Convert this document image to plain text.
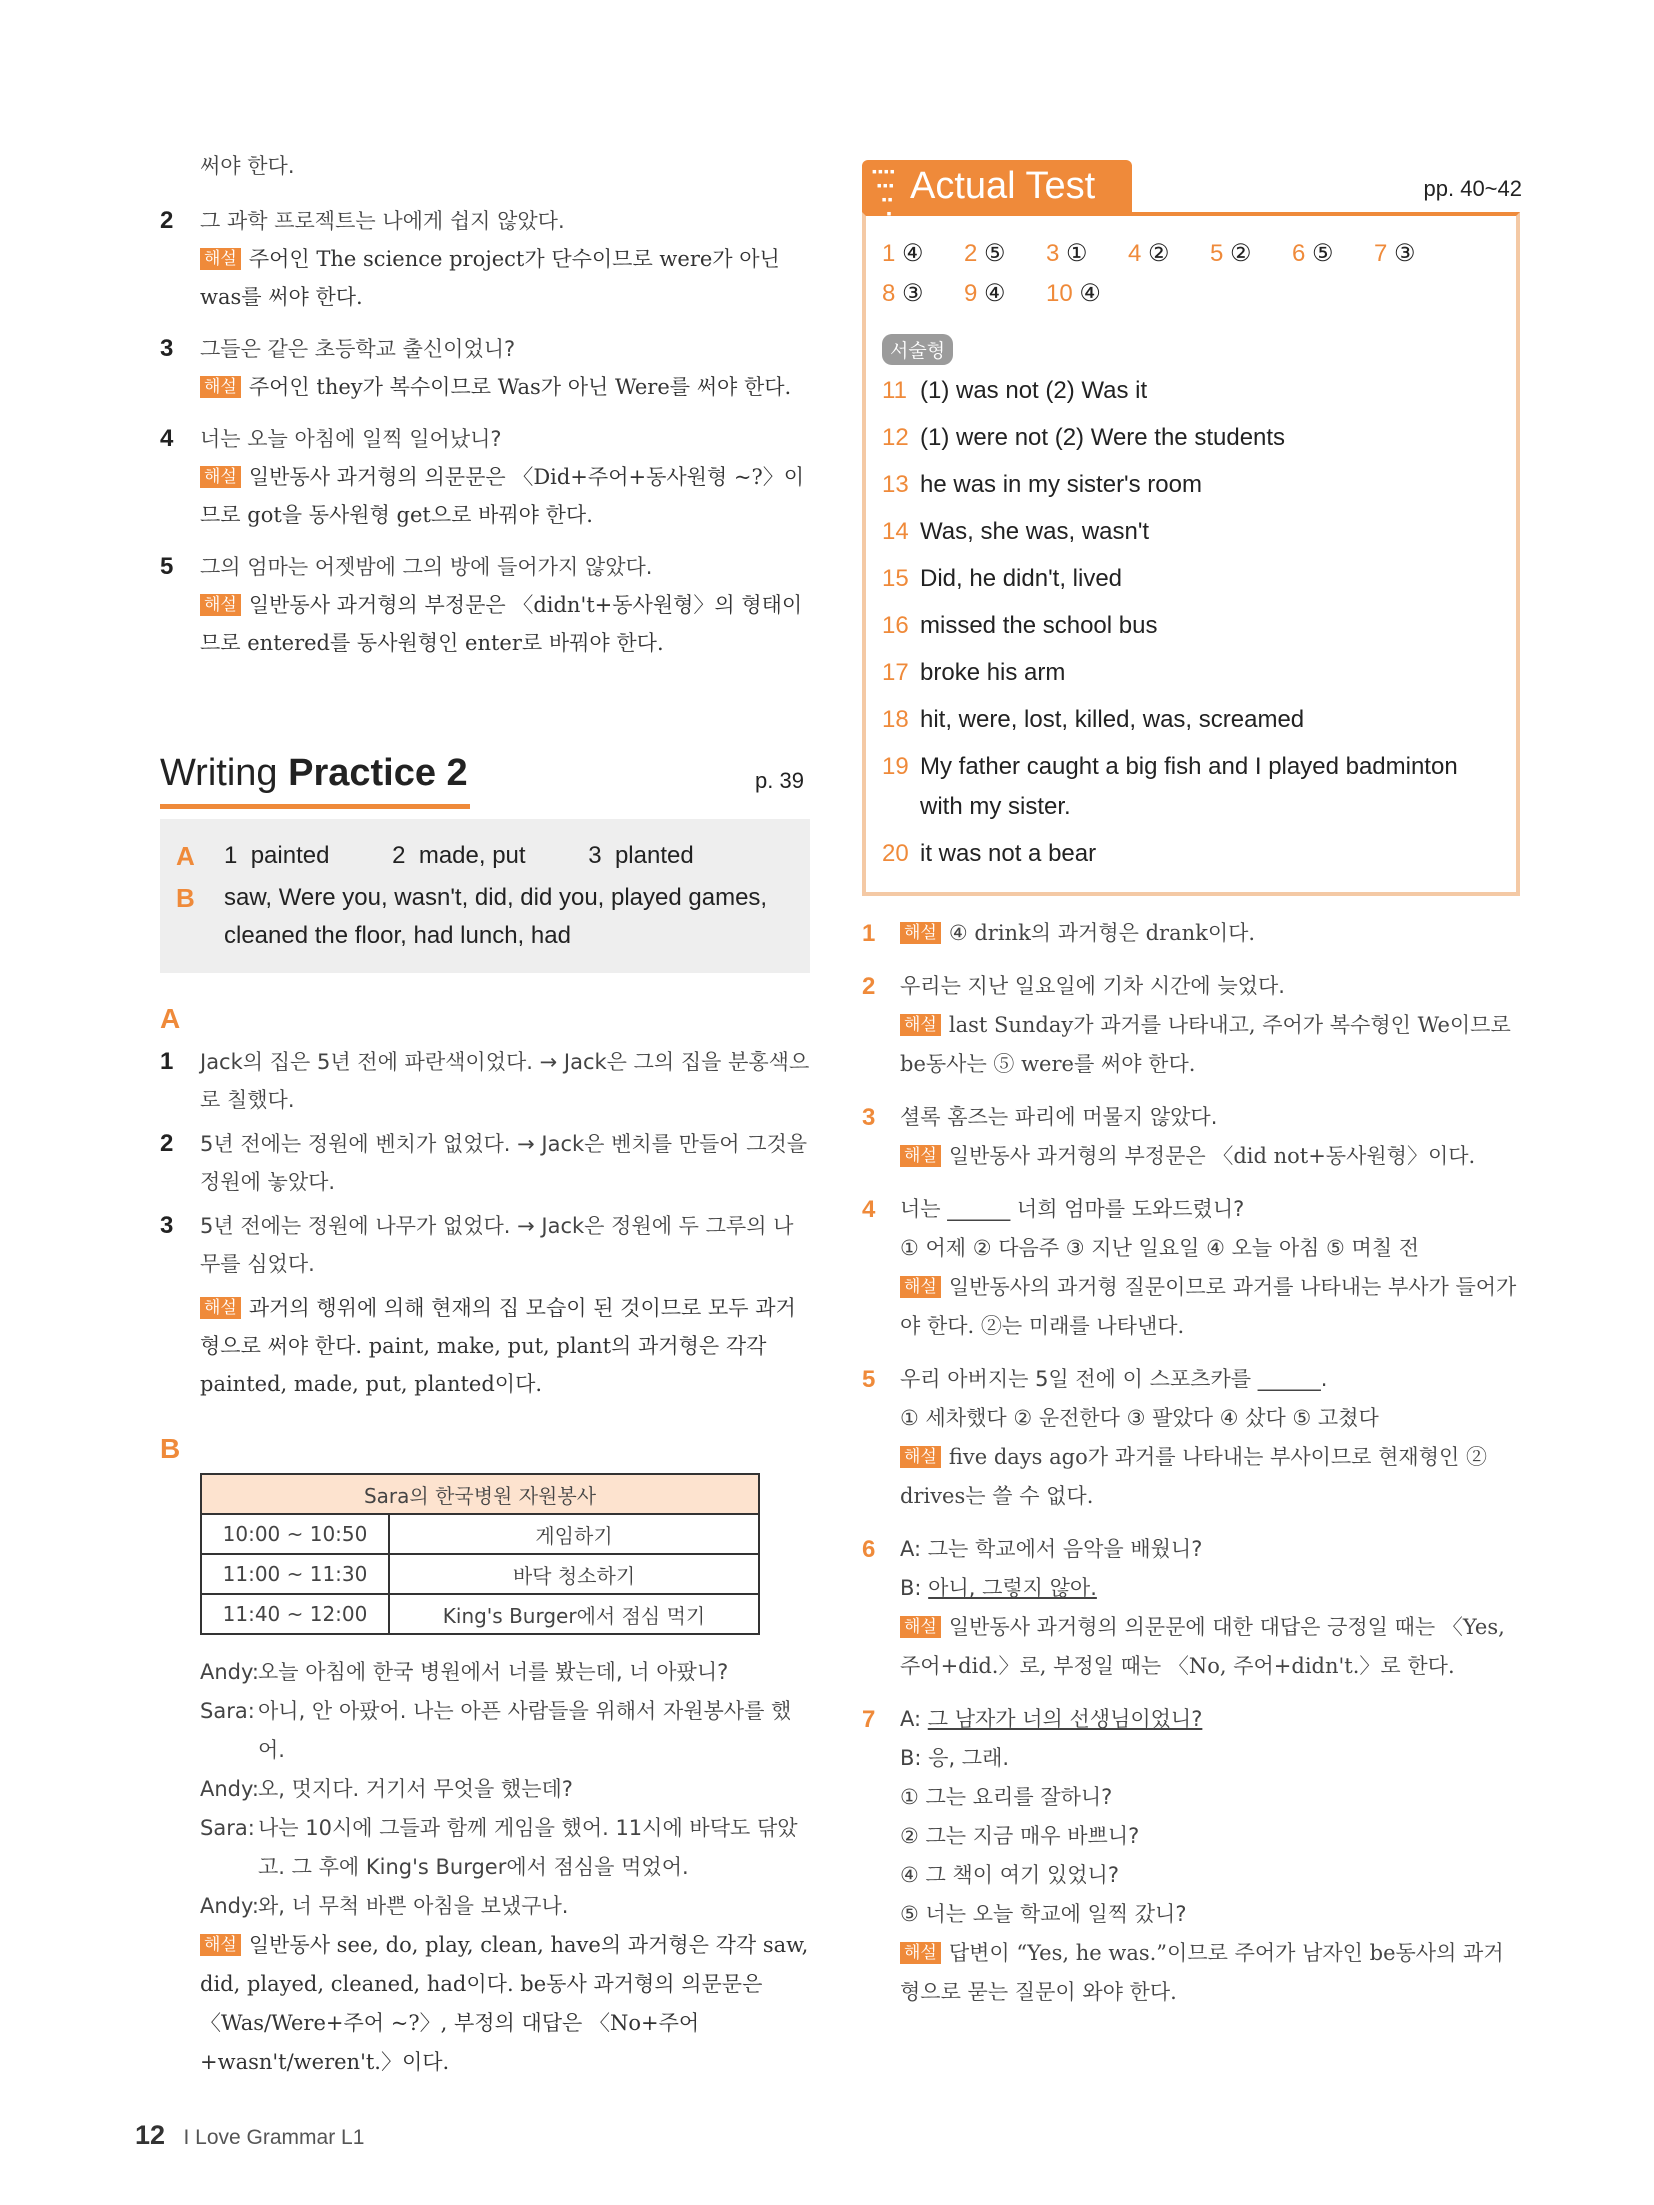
써야 한다.
2 그 과학 프로젝트는 나에게 쉽지 않았다.
해설 주어인 The science project가 단수이므로 were가 아닌 was를 써야 한다.
3 그들은 같은 초등학교 출신이었니?
해설 주어인 they가 복수이므로 Was가 아닌 Were를 써야 한다.
4 너는 오늘 아침에 일찍 일어났니?
해설 일반동사 과거형의 의문문은 〈Did+주어+동사원형 ~?〉이므로 got을 동사원형 get으로 바꿔야 한다.
5 그의 엄마는 어젯밤에 그의 방에 들어가지 않았다.
해설 일반동사 과거형의 부정문은 〈didn't+동사원형〉의 형태이므로 entered를 동사원형인 enter로 바꿔야 한다.
Writing Practice 2	p. 39
A 1 painted	2 made, put	3 planted
B saw, Were you, wasn't, did, did you, played games, cleaned the floor, had lunch, had
A
1 Jack의 집은 5년 전에 파란색이었다. → Jack은 그의 집을 분홍색으로 칠했다.
2 5년 전에는 정원에 벤치가 없었다. → Jack은 벤치를 만들어 그것을 정원에 놓았다.
3 5년 전에는 정원에 나무가 없었다. → Jack은 정원에 두 그루의 나무를 심었다.
해설 과거의 행위에 의해 현재의 집 모습이 된 것이므로 모두 과거형으로 써야 한다. paint, make, put, plant의 과거형은 각각 painted, made, put, planted이다.
B
Sara의 한국병원 자원봉사	
10:00 ~ 10:50	게임하기
11:00 ~ 11:30	바닥 청소하기
11:40 ~ 12:00	King's Burger에서 점심 먹기
Andy: 오늘 아침에 한국 병원에서 너를 봤는데, 너 아팠니?
Sara: 아니, 안 아팠어. 나는 아픈 사람들을 위해서 자원봉사를 했어.
Andy: 오, 멋지다. 거기서 무엇을 했는데?
Sara: 나는 10시에 그들과 함께 게임을 했어. 11시에 바닥도 닦았고. 그 후에 King's Burger에서 점심을 먹었어.
Andy: 와, 너 무척 바쁜 아침을 보냈구나.
해설 일반동사 see, do, play, clean, have의 과거형은 각각 saw, did, played, cleaned, had이다. be동사 과거형의 의문문은 〈Was/Were+주어 ~?〉, 부정의 대답은 〈No+주어+wasn't/weren't.〉이다.
▪▪▪▪
▪▪▪
▪▪
▪
Actual Test	pp. 40~42
1 ④ 2 ⑤ 3 ① 4 ② 5 ② 6 ⑤ 7 ③
8 ③ 9 ④ 10 ④
서술형
11 (1) was not (2) Was it
12 (1) were not (2) Were the students
13 he was in my sister's room
14 Was, she was, wasn't
15 Did, he didn't, lived
16 missed the school bus
17 broke his arm
18 hit, were, lost, killed, was, screamed
19 My father caught a big fish and I played badminton with my sister.
20 it was not a bear
1 해설 ④ drink의 과거형은 drank이다.
2 우리는 지난 일요일에 기차 시간에 늦었다.
해설 last Sunday가 과거를 나타내고, 주어가 복수형인 We이므로 be동사는 ⑤ were를 써야 한다.
3 셜록 홈즈는 파리에 머물지 않았다.
해설 일반동사 과거형의 부정문은 〈did not+동사원형〉이다.
4 너는 ______ 너희 엄마를 도와드렸니?
① 어제 ② 다음주 ③ 지난 일요일 ④ 오늘 아침 ⑤ 며칠 전
해설 일반동사의 과거형 질문이므로 과거를 나타내는 부사가 들어가야 한다. ②는 미래를 나타낸다.
5 우리 아버지는 5일 전에 이 스포츠카를 ______.
① 세차했다 ② 운전한다 ③ 팔았다 ④ 샀다 ⑤ 고쳤다
해설 five days ago가 과거를 나타내는 부사이므로 현재형인 ② drives는 쓸 수 없다.
6 A: 그는 학교에서 음악을 배웠니?
B: 아니, 그렇지 않아.
해설 일반동사 과거형의 의문문에 대한 대답은 긍정일 때는 〈Yes, 주어+did.〉로, 부정일 때는 〈No, 주어+didn't.〉로 한다.
7 A: 그 남자가 너의 선생님이었니?
B: 응, 그래.
① 그는 요리를 잘하니?
② 그는 지금 매우 바쁘니?
④ 그 책이 여기 있었니?
⑤ 너는 오늘 학교에 일찍 갔니?
해설 답변이 “Yes, he was.”이므로 주어가 남자인 be동사의 과거형으로 묻는 질문이 와야 한다.
12 I Love Grammar L1
